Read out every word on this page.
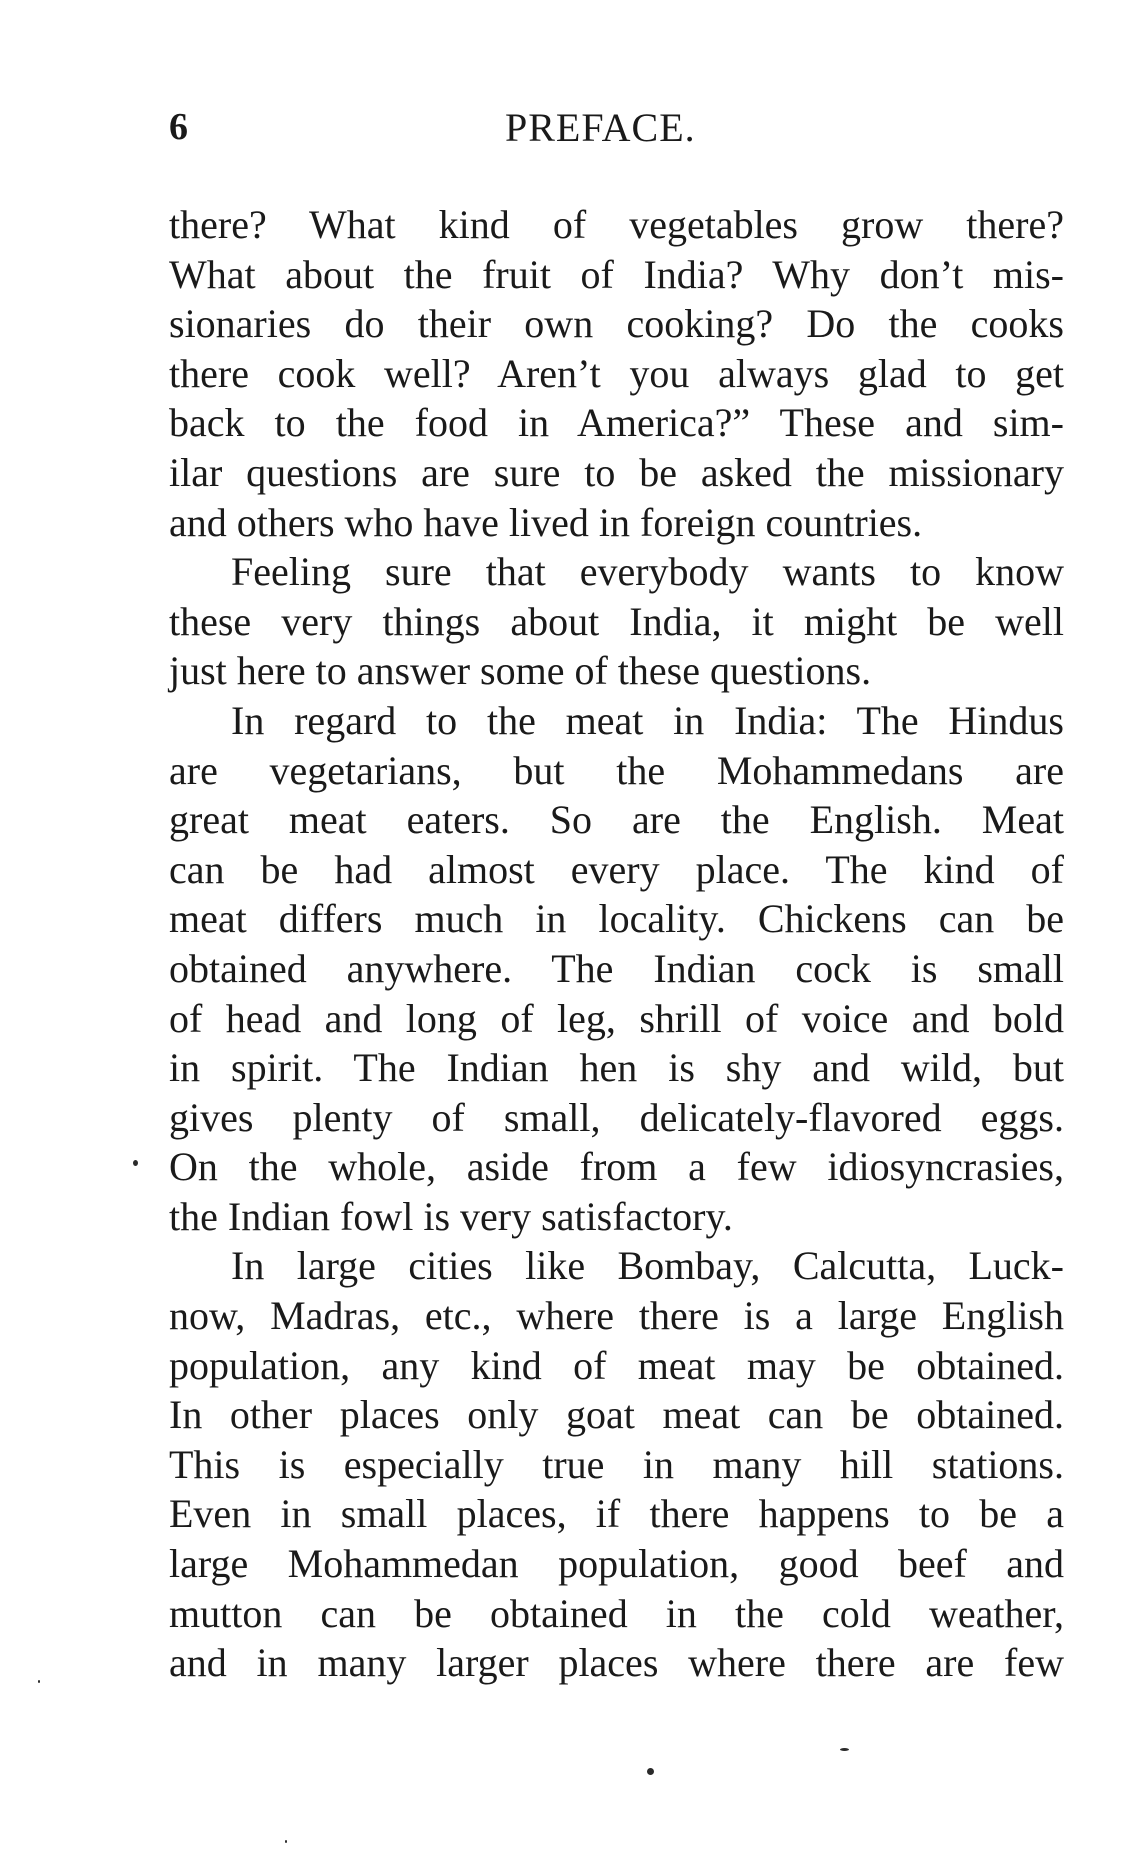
6	PREFACE.
there? What kind of vegetables grow there?
What about the fruit of India? Why don’t mis-
sionaries do their own cooking? Do the cooks
there cook well? Aren’t you always glad to get
back to the food in America?” These and sim-
ilar questions are sure to be asked the missionary
and others who have lived in foreign countries.
Feeling sure that everybody wants to know
these very things about India, it might be well
just here to answer some of these questions.
In regard to the meat in India: The Hindus
are vegetarians, but the Mohammedans are
great meat eaters. So are the English. Meat
can be had almost every place. The kind of
meat differs much in locality. Chickens can be
obtained anywhere. The Indian cock is small
of head and long of leg, shrill of voice and bold
in spirit. The Indian hen is shy and wild, but
gives plenty of small, delicately-flavored eggs.
On the whole, aside from a few idiosyncrasies,
the Indian fowl is very satisfactory.
In large cities like Bombay, Calcutta, Luck-
now, Madras, etc., where there is a large English
population, any kind of meat may be obtained.
In other places only goat meat can be obtained.
This is especially true in many hill stations.
Even in small places, if there happens to be a
large Mohammedan population, good beef and
mutton can be obtained in the cold weather,
and in many larger places where there are few
